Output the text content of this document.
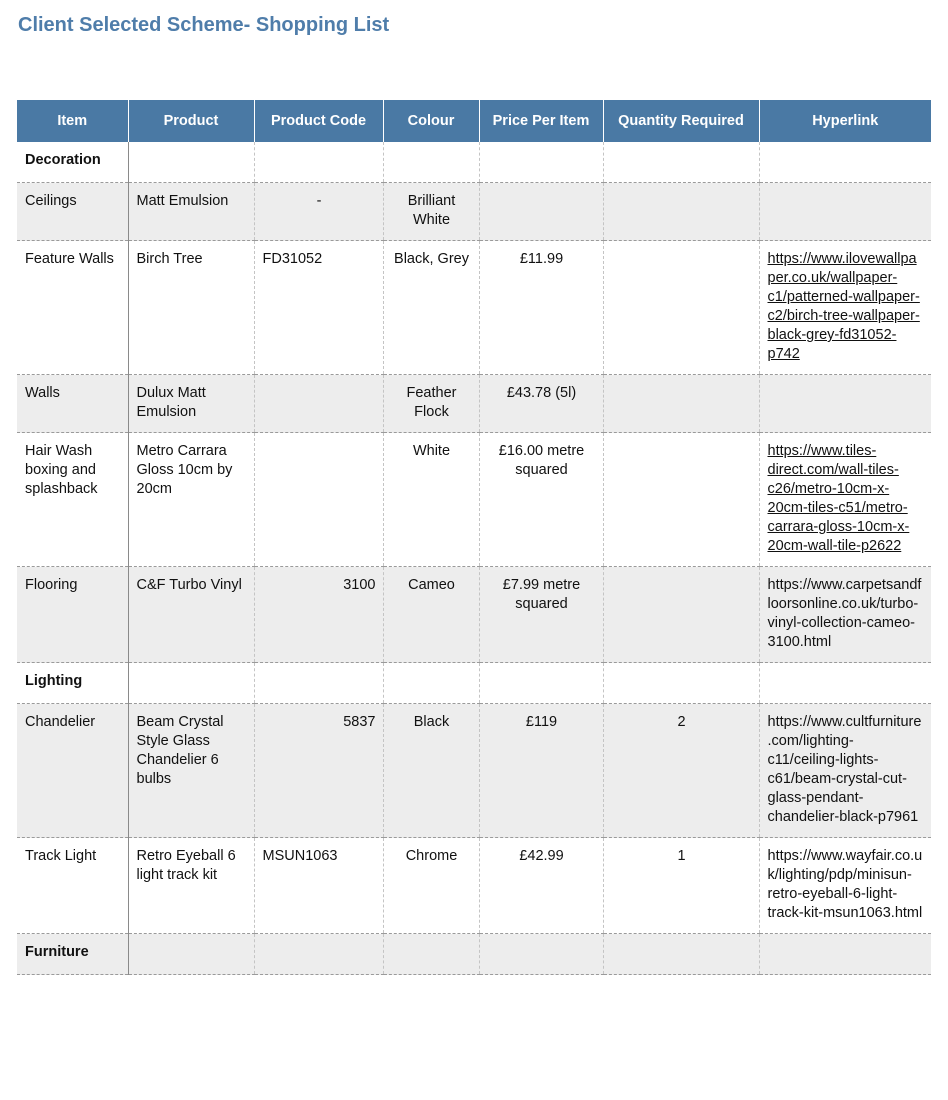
Client Selected Scheme- Shopping List
Item	Product	Product Code	Colour	Price Per Item	Quantity Required	Hyperlink
Decoration						
Ceilings	Matt Emulsion	-	Brilliant White			
Feature Walls	Birch Tree	FD31052	Black, Grey	£11.99		https://www.ilovewallpaper.co.uk/wallpaper-c1/patterned-wallpaper-c2/birch-tree-wallpaper-black-grey-fd31052-p742
Walls	Dulux Matt Emulsion		Feather Flock	£43.78 (5l)		
Hair Wash boxing and splashback	Metro Carrara Gloss 10cm by 20cm		White	£16.00 metre squared		https://www.tiles-direct.com/wall-tiles-c26/metro-10cm-x-20cm-tiles-c51/metro-carrara-gloss-10cm-x-20cm-wall-tile-p2622
Flooring	C&F Turbo Vinyl	3100	Cameo	£7.99 metre squared		https://www.carpetsandfloorsonline.co.uk/turbo-vinyl-collection-cameo-3100.html
Lighting						
Chandelier	Beam Crystal Style Glass Chandelier 6 bulbs	5837	Black	£119	2	https://www.cultfurniture.com/lighting-c11/ceiling-lights-c61/beam-crystal-cut-glass-pendant-chandelier-black-p7961
Track Light	Retro Eyeball 6 light track kit	MSUN1063	Chrome	£42.99	1	https://www.wayfair.co.uk/lighting/pdp/minisun-retro-eyeball-6-light-track-kit-msun1063.html
Furniture						
